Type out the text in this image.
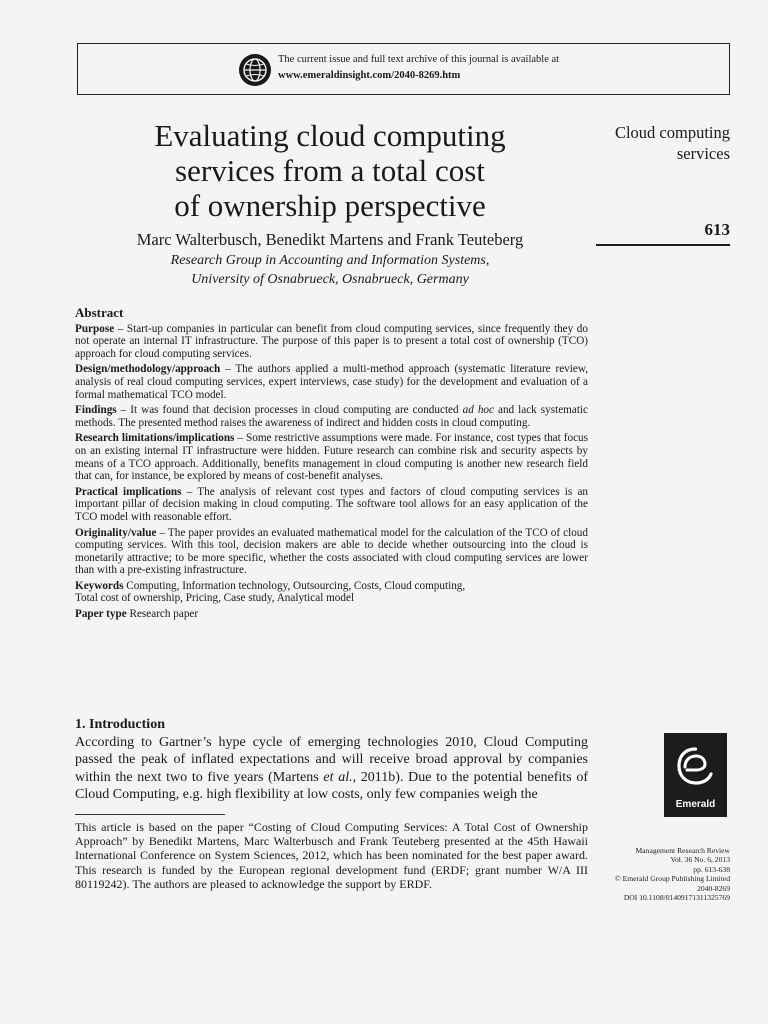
The current issue and full text archive of this journal is available at
www.emeraldinsight.com/2040-8269.htm
Evaluating cloud computing
services from a total cost
of ownership perspective
Marc Walterbusch, Benedikt Martens and Frank Teuteberg
Research Group in Accounting and Information Systems,
University of Osnabrueck, Osnabrueck, Germany
Cloud computing
services
613
Abstract

Purpose – Start-up companies in particular can benefit from cloud computing services, since frequently they do not operate an internal IT infrastructure. The purpose of this paper is to present a total cost of ownership (TCO) approach for cloud computing services.

Design/methodology/approach – The authors applied a multi-method approach (systematic literature review, analysis of real cloud computing services, expert interviews, case study) for the development and evaluation of a formal mathematical TCO model.

Findings – It was found that decision processes in cloud computing are conducted ad hoc and lack systematic methods. The presented method raises the awareness of indirect and hidden costs in cloud computing.

Research limitations/implications – Some restrictive assumptions were made. For instance, cost types that focus on an existing internal IT infrastructure were hidden. Future research can combine risk and security aspects by means of a TCO approach. Additionally, benefits management in cloud computing is another new research field that can, for instance, be explored by means of cost-benefit analyses.

Practical implications – The analysis of relevant cost types and factors of cloud computing services is an important pillar of decision making in cloud computing. The software tool allows for an easy application of the TCO model with reasonable effort.

Originality/value – The paper provides an evaluated mathematical model for the calculation of the TCO of cloud computing services. With this tool, decision makers are able to decide whether outsourcing into the cloud is monetarily attractive; to be more specific, whether the costs associated with cloud computing services are lower than with a pre-existing infrastructure.

Keywords Computing, Information technology, Outsourcing, Costs, Cloud computing,
Total cost of ownership, Pricing, Case study, Analytical model
Paper type Research paper
1. Introduction

According to Gartner’s hype cycle of emerging technologies 2010, Cloud Computing passed the peak of inflated expectations and will receive broad approval by companies within the next two to five years (Martens et al., 2011b). Due to the potential benefits of Cloud Computing, e.g. high flexibility at low costs, only few companies weigh the

This article is based on the paper “Costing of Cloud Computing Services: A Total Cost of Ownership Approach” by Benedikt Martens, Marc Walterbusch and Frank Teuteberg presented at the 45th Hawaii International Conference on System Sciences, 2012, which has been nominated for the best paper award. This research is funded by the European regional development fund (ERDF; grant number W/A III 80119242). The authors are pleased to acknowledge the support by ERDF.
Emerald
Management Research Review
Vol. 36 No. 6, 2013
pp. 613-638
© Emerald Group Publishing Limited
2040-8269
DOI 10.1108/01409171311325769
